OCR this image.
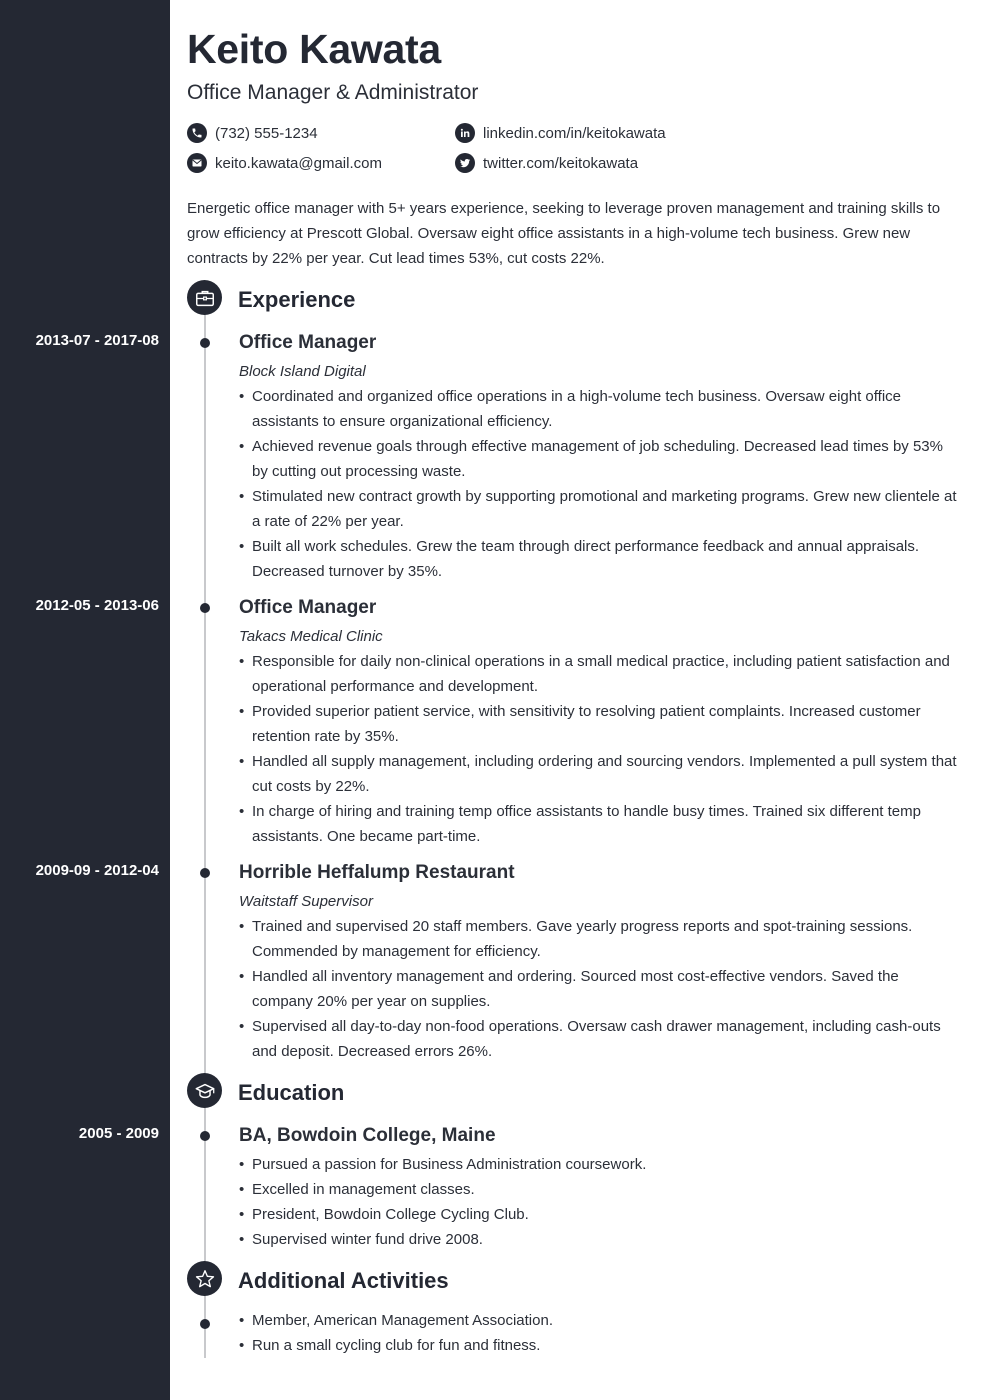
Keito Kawata
Office Manager & Administrator
(732) 555-1234
keito.kawata@gmail.com
linkedin.com/in/keitokawata
twitter.com/keitokawata

Energetic office manager with 5+ years experience, seeking to leverage proven management and training skills to grow efficiency at Prescott Global. Oversaw eight office assistants in a high-volume tech business. Grew new contracts by 22% per year. Cut lead times 53%, cut costs 22%.

Experience
2013-07 - 2017-08	Office Manager
Block Island Digital
• Coordinated and organized office operations in a high-volume tech business. Oversaw eight office assistants to ensure organizational efficiency.
• Achieved revenue goals through effective management of job scheduling. Decreased lead times by 53% by cutting out processing waste.
• Stimulated new contract growth by supporting promotional and marketing programs. Grew new clientele at a rate of 22% per year.
• Built all work schedules. Grew the team through direct performance feedback and annual appraisals. Decreased turnover by 35%.
2012-05 - 2013-06	Office Manager
Takacs Medical Clinic
• Responsible for daily non-clinical operations in a small medical practice, including patient satisfaction and operational performance and development.
• Provided superior patient service, with sensitivity to resolving patient complaints. Increased customer retention rate by 35%.
• Handled all supply management, including ordering and sourcing vendors. Implemented a pull system that cut costs by 22%.
• In charge of hiring and training temp office assistants to handle busy times. Trained six different temp assistants. One became part-time.
2009-09 - 2012-04	Horrible Heffalump Restaurant
Waitstaff Supervisor
• Trained and supervised 20 staff members. Gave yearly progress reports and spot-training sessions. Commended by management for efficiency.
• Handled all inventory management and ordering. Sourced most cost-effective vendors. Saved the company 20% per year on supplies.
• Supervised all day-to-day non-food operations. Oversaw cash drawer management, including cash-outs and deposit. Decreased errors 26%.
Education
2005 - 2009	BA, Bowdoin College, Maine
• Pursued a passion for Business Administration coursework.
• Excelled in management classes.
• President, Bowdoin College Cycling Club.
• Supervised winter fund drive 2008.
Additional Activities
• Member, American Management Association.
• Run a small cycling club for fun and fitness.
